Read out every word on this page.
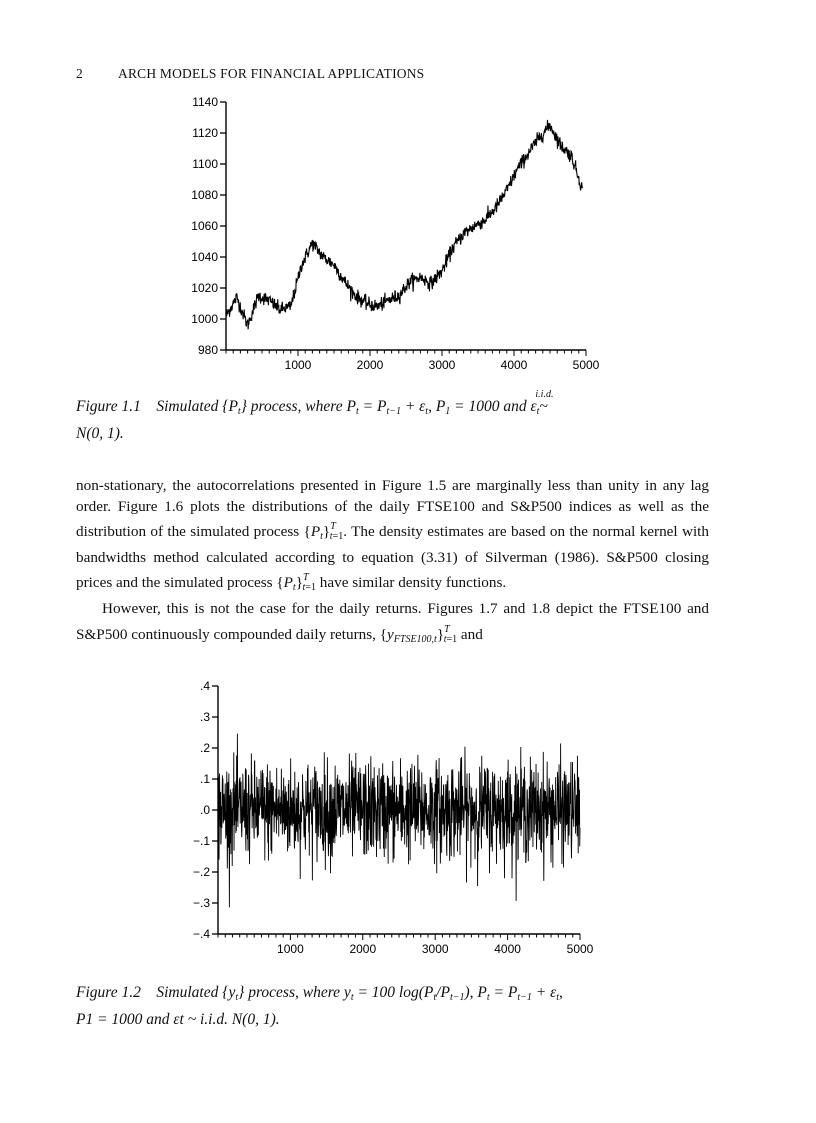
2	ARCH MODELS FOR FINANCIAL APPLICATIONS
980
1000
1020
1040
1060
1080
1100
1120
1140
1000	2000	3000	4000	5000
Figure 1.1 Simulated $\{P_t\}$ process, where $P_t = P_{t-1} + \varepsilon_t$, $P_1 = 1000$ and $\varepsilon_t\sim$
i.i.d.

N(0, 1).

non-stationary, the autocorrelations presented in Figure 1.5 are marginally less than unity in any lag order. Figure 1.6 plots the distributions of the daily FTSE100 and S&P500 indices as well as the distribution of the simulated process $\{P_t\}^T_{t=1}$. The density estimates are based on the normal kernel with bandwidths method calculated according to equation (3.31) of Silverman (1986). S&P500 closing prices and the simulated process $\{P_t\}^T_{t=1}$ have similar density functions.

However, this is not the case for the daily returns. Figures 1.7 and 1.8 depict the FTSE100 and S&P500 continuously compounded daily returns, $\{y_{FTSE100,t}\}^T_{t=1}$ and

.4
.3
.2
.1
.0
−.1
−.2
−.3
−.4
1000	2000	3000	4000	5000
Figure 1.2 Simulated $\{y_t\}$ process, where $y_t = 100$ $\log(P_t/P_{t-1})$, $P_t = P_{t-1} + \varepsilon_t$,
P1 = 1000 and εt ~ i.i.d. N(0, 1).
